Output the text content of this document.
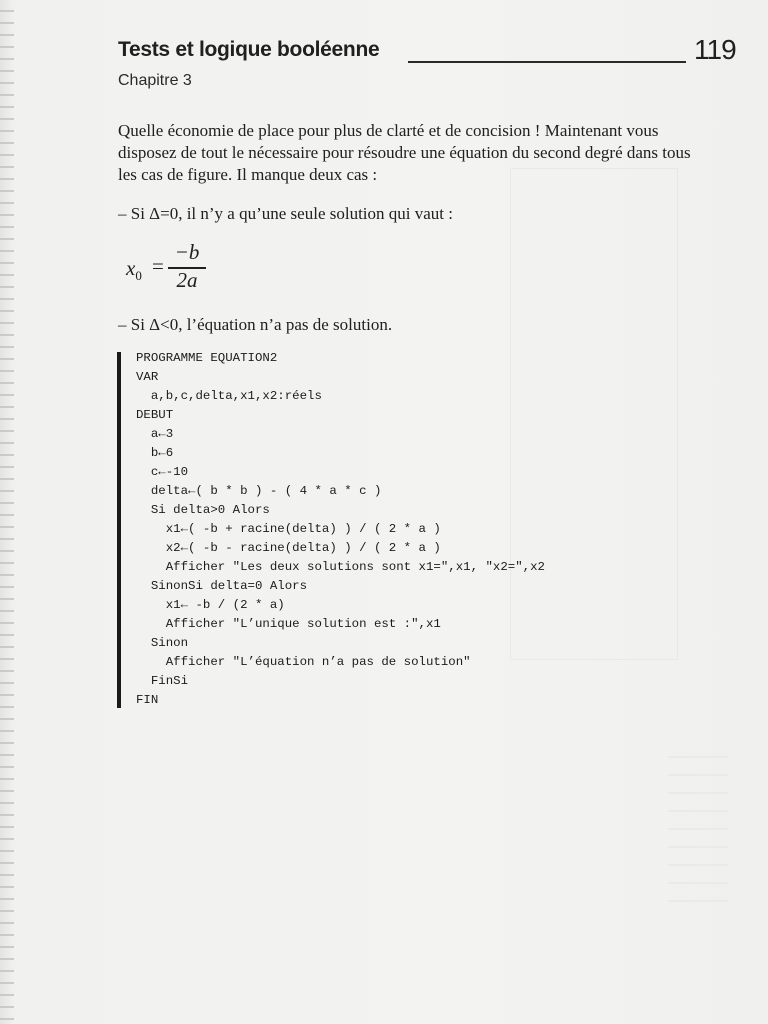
Tests et logique booléenne	119
Chapitre 3
Quelle économie de place pour plus de clarté et de concision ! Maintenant vous disposez de tout le nécessaire pour résoudre une équation du second degré dans tous les cas de figure. Il manque deux cas :
– Si Δ=0, il n’y a qu’une seule solution qui vaut :
$x_0$ =
−b
2a
– Si Δ<0, l’équation n’a pas de solution.
PROGRAMME EQUATION2
VAR
a,b,c,delta,x1,x2:réels
DEBUT
a←3
b←6
c←-10
delta←( b * b ) - ( 4 * a * c )
Si delta>0 Alors
x1←( -b + racine(delta) ) / ( 2 * a )
x2←( -b - racine(delta) ) / ( 2 * a )
Afficher "Les deux solutions sont x1=",x1, "x2=",x2
SinonSi delta=0 Alors
x1← -b / (2 * a)
Afficher "L’unique solution est :",x1
Sinon
Afficher "L’équation n’a pas de solution"
FinSi
FIN
